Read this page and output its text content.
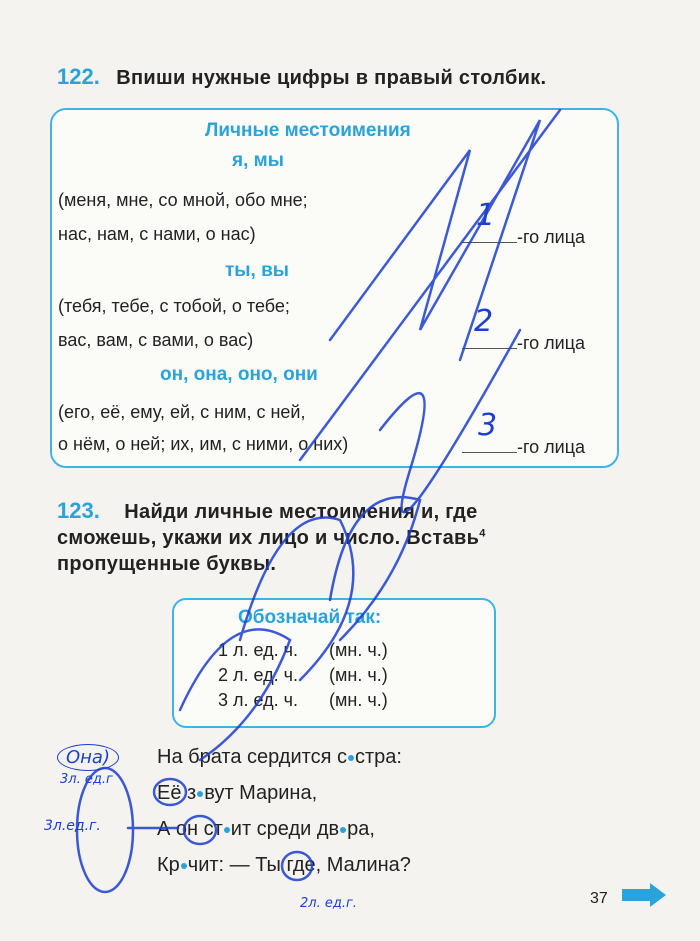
122. Впиши нужные цифры в правый столбик.
Личные местоимения
я, мы
(меня, мне, со мной, обо мне;
нас, нам, с нами, о нас)	-го лица
1
ты, вы
(тебя, тебе, с тобой, о тебе;
вас, вам, с вами, о вас)	-го лица
2
он, она, оно, они
(его, её, ему, ей, с ним, с ней,
о нём, о ней; их, им, с ними, о них)	-го лица
3
123. Найди личные местоимения и, где
сможешь, укажи их лицо и число. Вставь$^4$
пропущенные буквы.
Обозначай так:
1 л. ед. ч. (мн. ч.)
2 л. ед. ч. (мн. ч.)
3 л. ед. ч. (мн. ч.)
На брата сердится с стра:
Её з вут Марина,
А он ст ит среди дв ра,
Кр чит: — Ты где, Малина?
Она)
3л. ед.г
3л.ед.г.
2л. ед.г.	37
